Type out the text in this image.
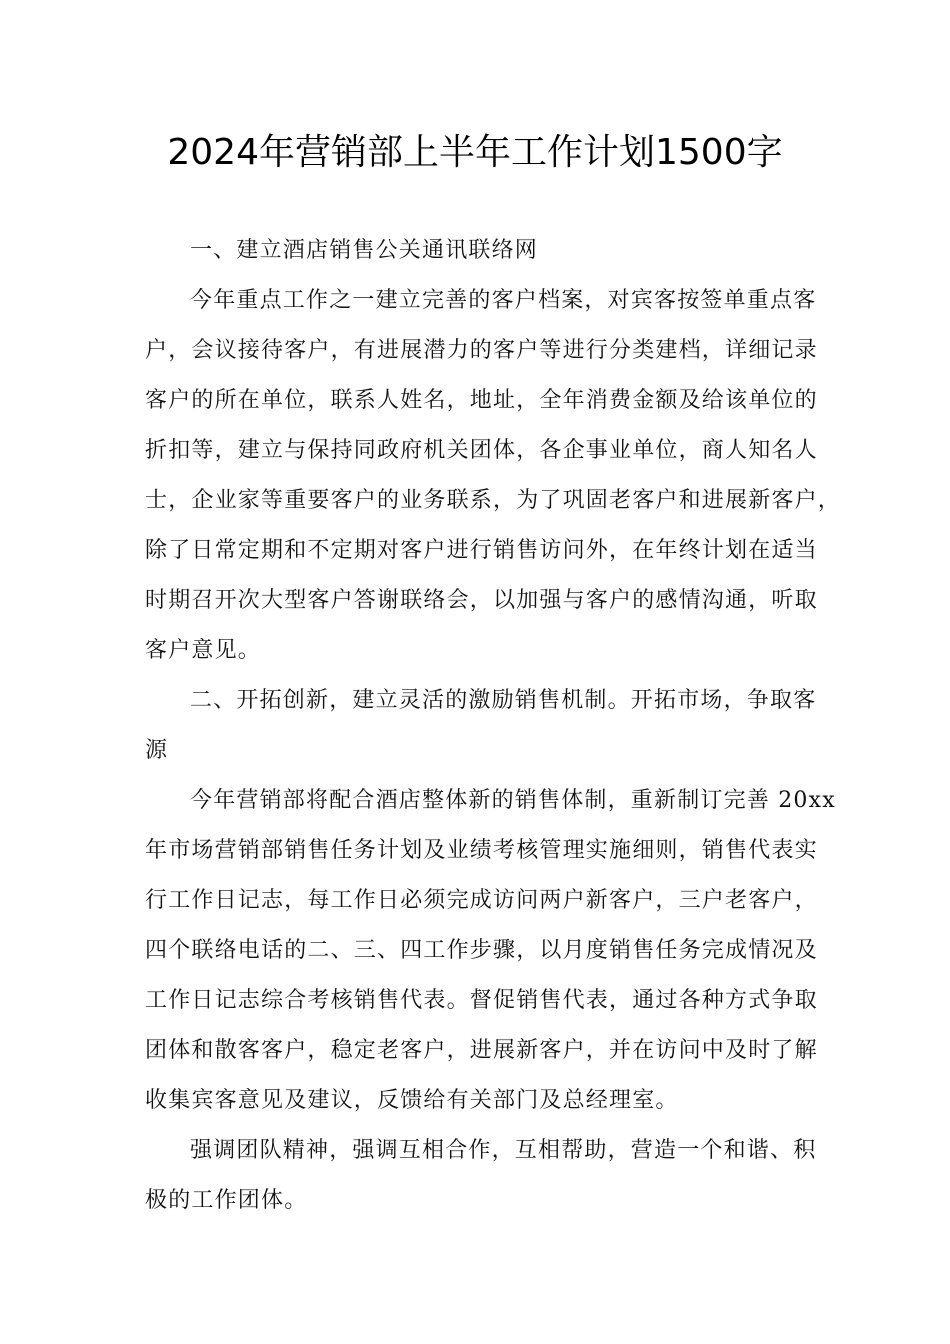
2024年营销部上半年工作计划1500字

一、建立酒店销售公关通讯联络网

今年重点工作之一建立完善的客户档案，对宾客按签单重点客
户，会议接待客户，有进展潜力的客户等进行分类建档，详细记录
客户的所在单位，联系人姓名，地址，全年消费金额及给该单位的
折扣等，建立与保持同政府机关团体，各企事业单位，商人知名人
士，企业家等重要客户的业务联系，为了巩固老客户和进展新客户，
除了日常定期和不定期对客户进行销售访问外，在年终计划在适当
时期召开次大型客户答谢联络会，以加强与客户的感情沟通，听取
客户意见。

二、开拓创新，建立灵活的激励销售机制。开拓市场，争取客
源

今年营销部将配合酒店整体新的销售体制，重新制订完善 20xx
年市场营销部销售任务计划及业绩考核管理实施细则，销售代表实
行工作日记志，每工作日必须完成访问两户新客户，三户老客户，
四个联络电话的二、三、四工作步骤，以月度销售任务完成情况及
工作日记志综合考核销售代表。督促销售代表，通过各种方式争取
团体和散客客户，稳定老客户，进展新客户，并在访问中及时了解
收集宾客意见及建议，反馈给有关部门及总经理室。

强调团队精神，强调互相合作，互相帮助，营造一个和谐、积
极的工作团体。
